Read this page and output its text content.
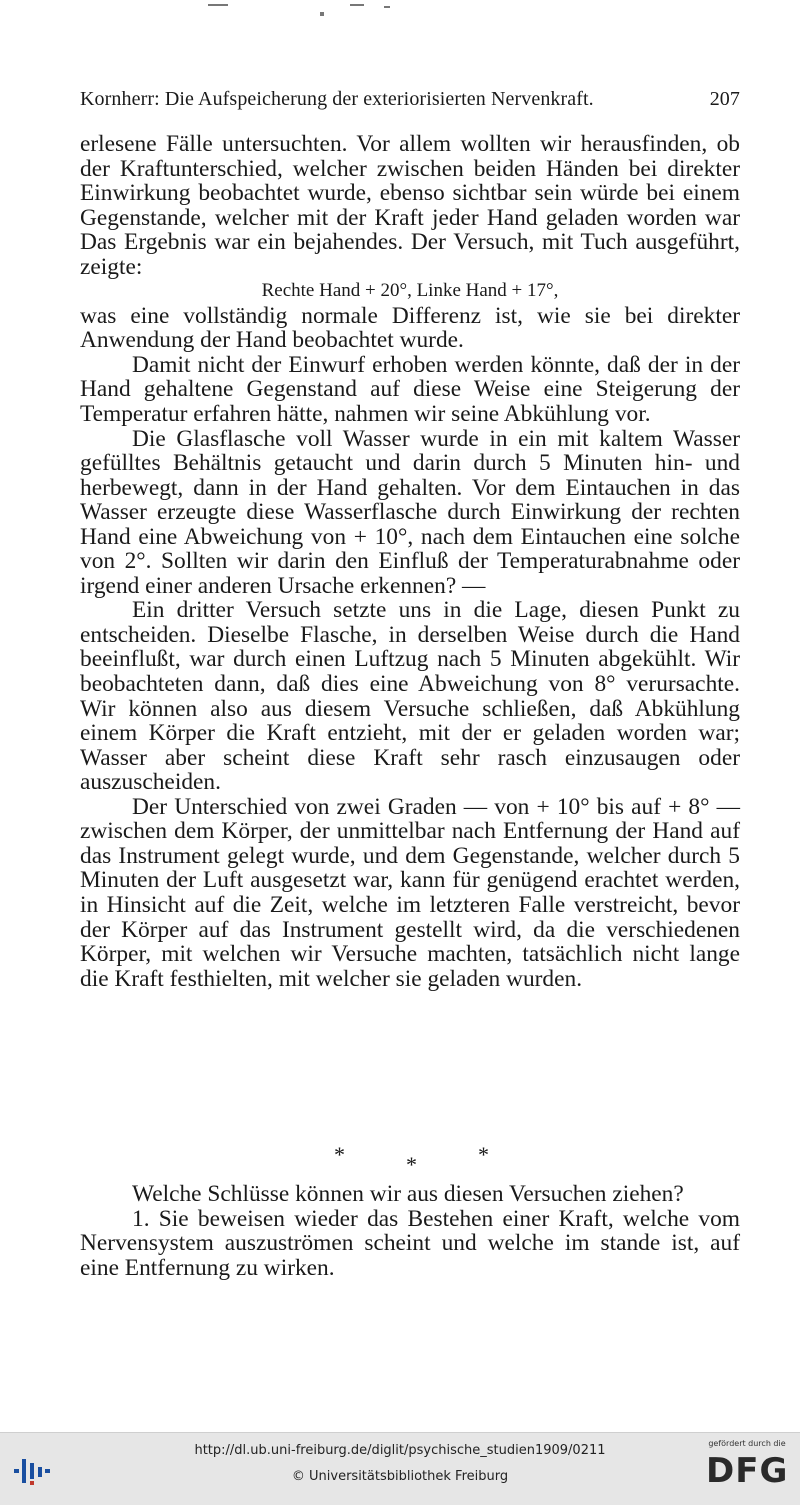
Kornherr: Die Aufspeicherung der exteriorisierten Nervenkraft.	207

erlesene Fälle untersuchten. Vor allem wollten wir herausfinden, ob der Kraftunterschied, welcher zwischen beiden Händen bei direkter Einwirkung beobachtet wurde, ebenso sichtbar sein würde bei einem Gegenstande, welcher mit der Kraft jeder Hand geladen worden war Das Ergebnis war ein bejahendes. Der Versuch, mit Tuch ausgeführt, zeigte:

Rechte Hand + 20°, Linke Hand + 17°,

was eine vollständig normale Differenz ist, wie sie bei direkter Anwendung der Hand beobachtet wurde.

Damit nicht der Einwurf erhoben werden könnte, daß der in der Hand gehaltene Gegenstand auf diese Weise eine Steigerung der Temperatur erfahren hätte, nahmen wir seine Abkühlung vor.

Die Glasflasche voll Wasser wurde in ein mit kaltem Wasser gefülltes Behältnis getaucht und darin durch 5 Minuten hin- und herbewegt, dann in der Hand gehalten. Vor dem Eintauchen in das Wasser erzeugte diese Wasserflasche durch Einwirkung der rechten Hand eine Abweichung von + 10°, nach dem Eintauchen eine solche von 2°. Sollten wir darin den Einfluß der Temperaturabnahme oder irgend einer anderen Ursache erkennen? —

Ein dritter Versuch setzte uns in die Lage, diesen Punkt zu entscheiden. Dieselbe Flasche, in derselben Weise durch die Hand beeinflußt, war durch einen Luftzug nach 5 Minuten abgekühlt. Wir beobachteten dann, daß dies eine Abweichung von 8° verursachte. Wir können also aus diesem Versuche schließen, daß Abkühlung einem Körper die Kraft entzieht, mit der er geladen worden war; Wasser aber scheint diese Kraft sehr rasch einzusaugen oder auszuscheiden.

Der Unterschied von zwei Graden — von + 10° bis auf + 8° — zwischen dem Körper, der unmittelbar nach Entfernung der Hand auf das Instrument gelegt wurde, und dem Gegenstande, welcher durch 5 Minuten der Luft ausgesetzt war, kann für genügend erachtet werden, in Hinsicht auf die Zeit, welche im letzteren Falle verstreicht, bevor der Körper auf das Instrument gestellt wird, da die verschiedenen Körper, mit welchen wir Versuche machten, tatsächlich nicht lange die Kraft festhielten, mit welcher sie geladen wurden.

*	*	*

Welche Schlüsse können wir aus diesen Versuchen ziehen?

1. Sie beweisen wieder das Bestehen einer Kraft, welche vom Nervensystem auszuströmen scheint und welche im stande ist, auf eine Entfernung zu wirken.

http://dl.ub.uni-freiburg.de/diglit/psychische_studien1909/0211
© Universitätsbibliothek Freiburg
gefördert durch die
DFG
